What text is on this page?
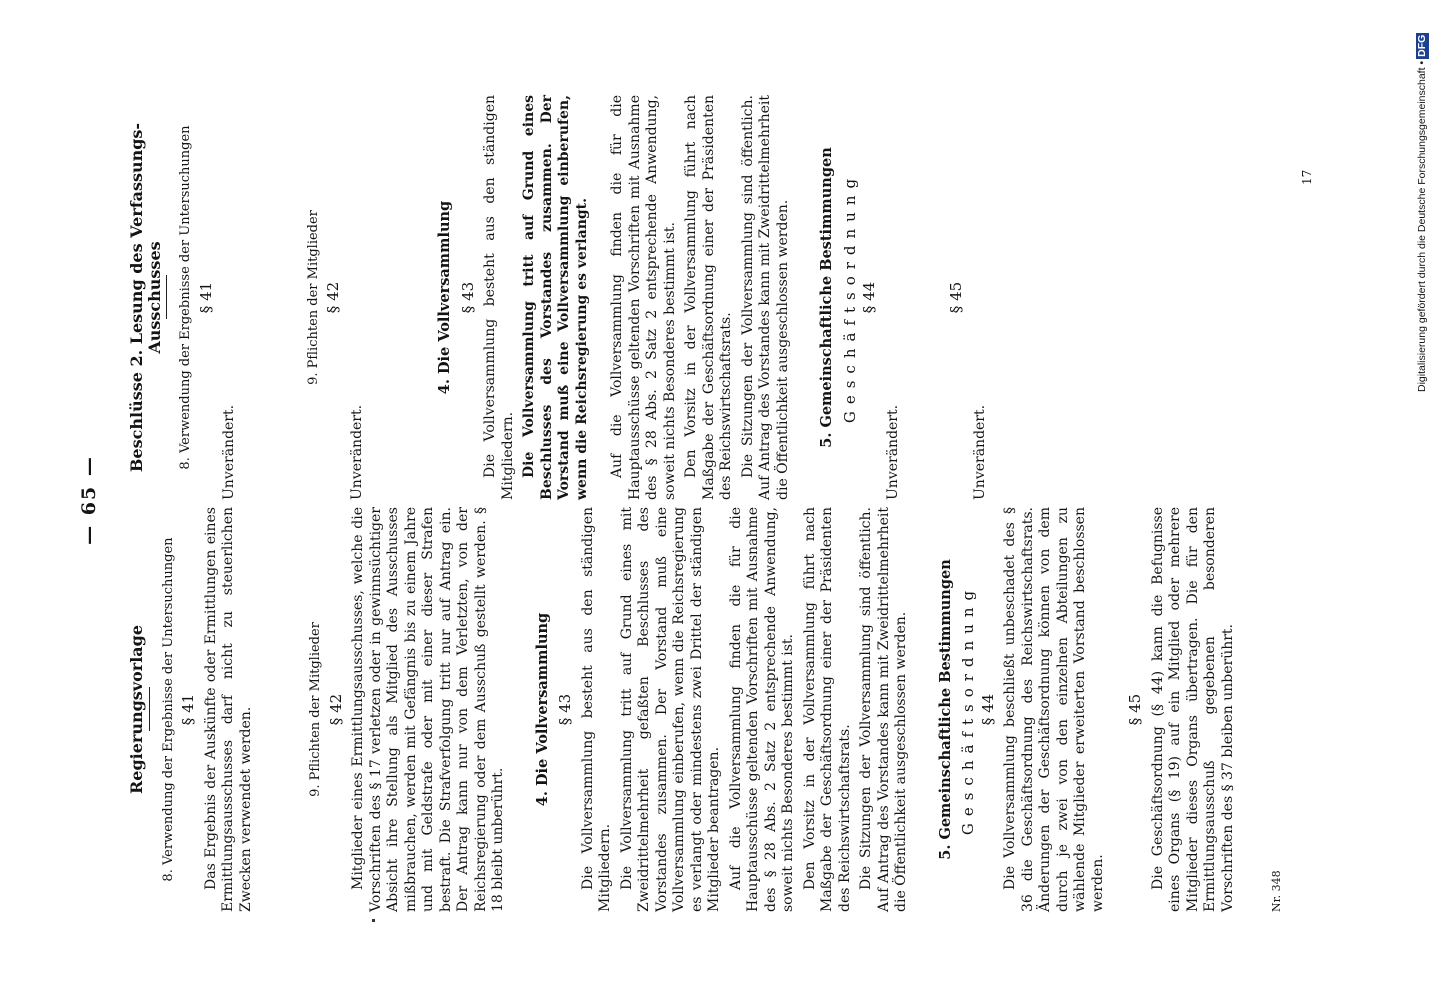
— 65 —
Regierungsvorlage 8. Verwendung der Ergebnisse der Untersuchungen § 41 Das Ergebnis der Auskünfte oder Ermittlungen eines Ermittlungsausschusses darf nicht zu steuerlichen Zwecken verwendet werden.	9. Pflichten der Mitglieder § 42 Mitglieder eines Ermittlungsausschusses, welche die Vorschriften des § 17 verletzen oder in gewinnsüchtiger Absicht ihre Stellung als Mitglied des Ausschusses mißbrauchen, werden mit Gefängnis bis zu einem Jahre und mit Geldstrafe oder mit einer dieser Strafen bestraft. Die Strafverfolgung tritt nur auf Antrag ein. Der Antrag kann nur von dem Verletzten, von der Reichsregierung oder dem Ausschuß gestellt werden. § 18 bleibt unberührt.

4. Die Vollversammlung § 43 Die Vollversammlung besteht aus den ständigen Mitgliedern. Die Vollversammlung tritt auf Grund eines mit Zweidrittelmehrheit gefaßten Beschlusses des Vorstandes zusammen. Der Vorstand muß eine Vollversammlung einberufen, wenn die Reichsregierung es verlangt oder mindestens zwei Drittel der ständigen Mitglieder beantragen. Auf die Vollversammlung finden die für die Hauptausschüsse geltenden Vorschriften mit Ausnahme des § 28 Abs. 2 Satz 2 entsprechende Anwendung, soweit nichts Besonderes bestimmt ist. Den Vorsitz in der Vollversammlung führt nach Maßgabe der Geschäftsordnung einer der Präsidenten des Reichswirtschaftsrats. Die Sitzungen der Vollversammlung sind öffentlich. Auf Antrag des Vorstandes kann mit Zweidrittelmehrheit die Öffentlichkeit ausgeschlossen werden. 5. Gemeinschaftliche Bestimmungen Geschäftsordnung § 44 Die Vollversammlung beschließt unbeschadet des § 36 die Geschäftsordnung des Reichswirtschaftsrats. Änderungen der Geschäftsordnung können von dem durch je zwei von den einzelnen Abteilungen zu wählende Mitglieder erweiterten Vorstand beschlossen werden.

§ 45 Die Geschäftsordnung (§ 44) kann die Befugnisse eines Organs (§ 19) auf ein Mitglied oder mehrere Mitglieder dieses Organs übertragen. Die für den Ermittlungsausschuß gegebenen besonderen Vorschriften des § 37 bleiben unberührt.

Beschlüsse 2. Lesung des Verfassungs-Ausschusses 8. Verwendung der Ergebnisse der Untersuchungen § 41

Unverändert.

9. Pflichten der Mitglieder § 42

Unverändert.

4. Die Vollversammlung § 43 Die Vollversammlung besteht aus den ständigen Mitgliedern. Die Vollversammlung tritt auf Grund eines Beschlusses des Vorstandes zusammen. Der Vorstand muß eine Vollversammlung einberufen, wenn die Reichsregierung es verlangt. Auf die Vollversammlung finden die für die Hauptausschüsse geltenden Vorschriften mit Ausnahme des § 28 Abs. 2 Satz 2 entsprechende Anwendung, soweit nichts Besonderes bestimmt ist. Den Vorsitz in der Vollversammlung führt nach Maßgabe der Geschäftsordnung einer der Präsidenten des Reichswirtschaftsrats. Die Sitzungen der Vollversammlung sind öffentlich. Auf Antrag des Vorstandes kann mit Zweidrittelmehrheit die Öffentlichkeit ausgeschlossen werden. 5. Gemeinschaftliche Bestimmungen Geschäftsordnung § 44

Unverändert.

§ 45

Unverändert.

Nr. 348
17	Digitalisierung gefördert durch die Deutsche Forschungsgemeinschaft •DFG
